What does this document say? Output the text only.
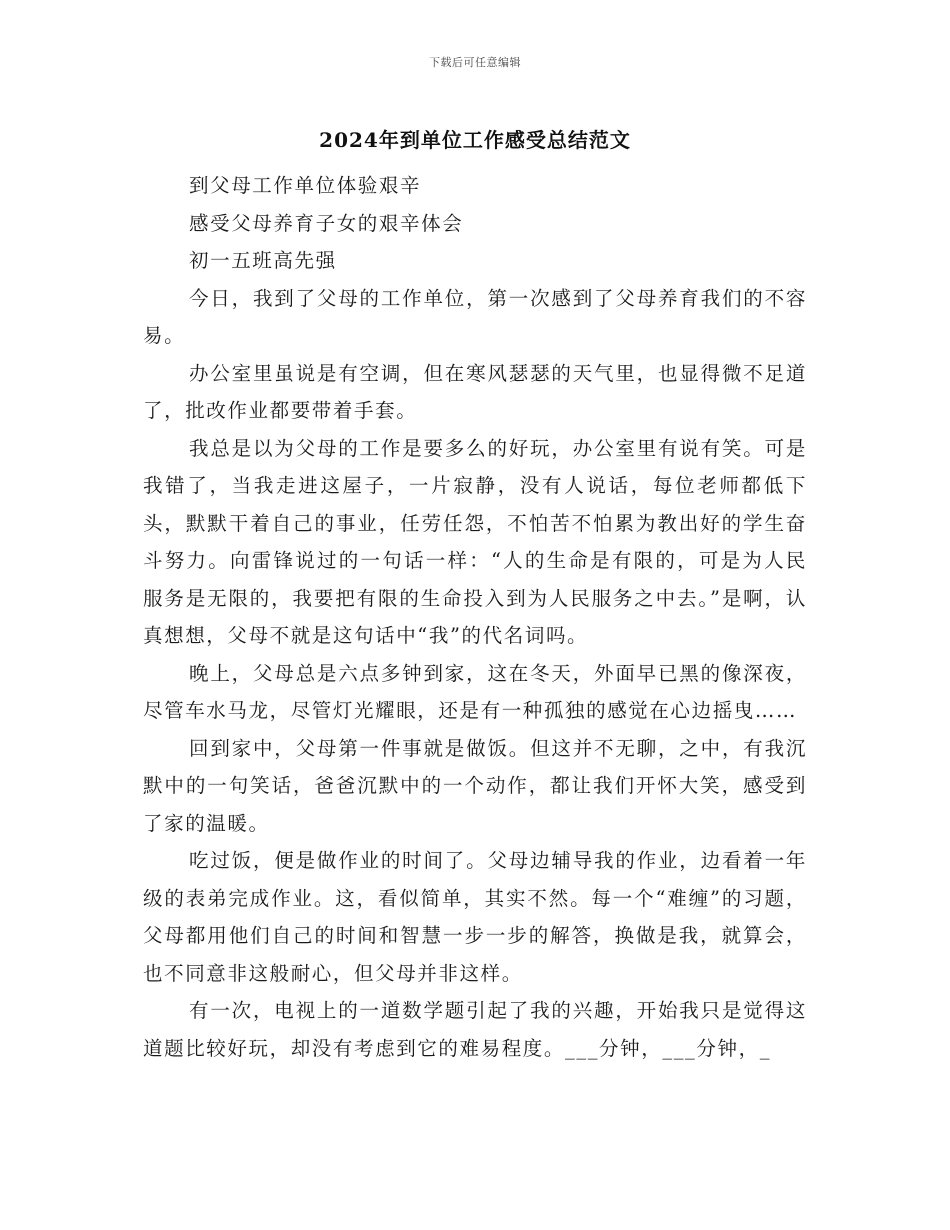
下载后可任意编辑
2024年到单位工作感受总结范文

到父母工作单位体验艰辛

感受父母养育子女的艰辛体会

初一五班高先强

今日，我到了父母的工作单位，第一次感到了父母养育我们的不容易。

办公室里虽说是有空调，但在寒风瑟瑟的天气里，也显得微不足道了，批改作业都要带着手套。

我总是以为父母的工作是要多么的好玩，办公室里有说有笑。可是我错了，当我走进这屋子，一片寂静，没有人说话，每位老师都低下头，默默干着自己的事业，任劳任怨，不怕苦不怕累为教出好的学生奋斗努力。向雷锋说过的一句话一样：“人的生命是有限的，可是为人民服务是无限的，我要把有限的生命投入到为人民服务之中去。”是啊，认真想想，父母不就是这句话中“我”的代名词吗。

晚上，父母总是六点多钟到家，这在冬天，外面早已黑的像深夜，尽管车水马龙，尽管灯光耀眼，还是有一种孤独的感觉在心边摇曳……

回到家中，父母第一件事就是做饭。但这并不无聊，之中，有我沉默中的一句笑话，爸爸沉默中的一个动作，都让我们开怀大笑，感受到了家的温暖。

吃过饭，便是做作业的时间了。父母边辅导我的作业，边看着一年级的表弟完成作业。这，看似简单，其实不然。每一个“难缠”的习题，父母都用他们自己的时间和智慧一步一步的解答，换做是我，就算会，也不同意非这般耐心，但父母并非这样。

有一次，电视上的一道数学题引起了我的兴趣，开始我只是觉得这道题比较好玩，却没有考虑到它的难易程度。___分钟，___分钟，_
